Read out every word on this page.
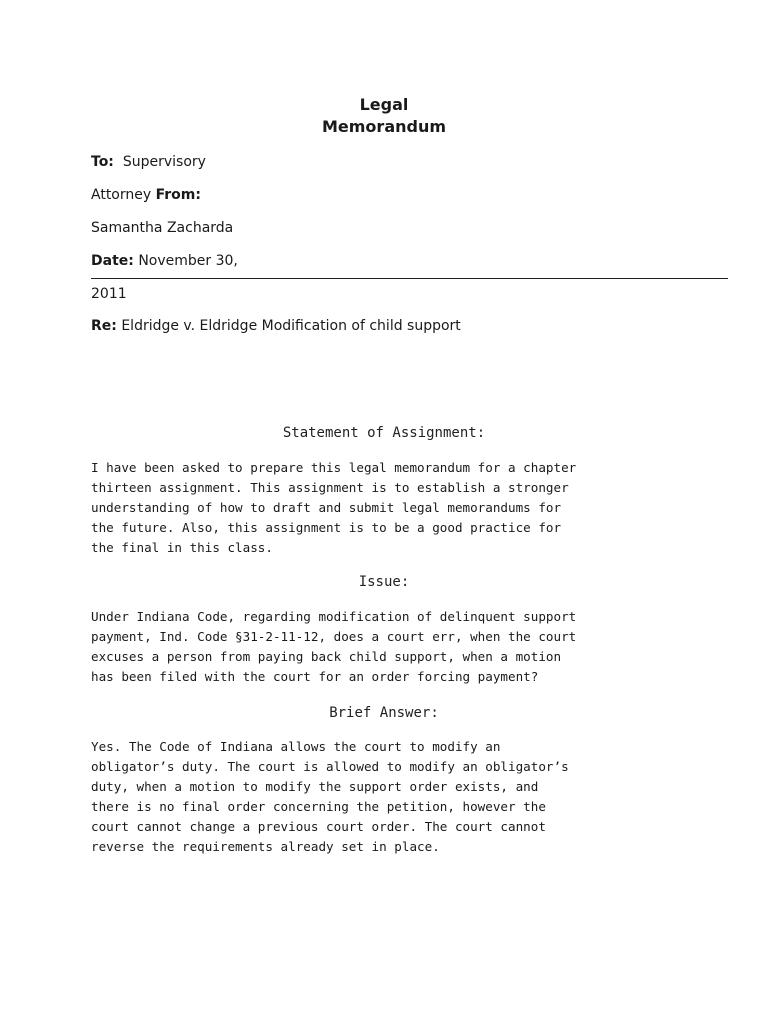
Legal
Memorandum
To: Supervisory
Attorney From:
Samantha Zacharda
Date: November 30,
2011
Re: Eldridge v. Eldridge Modification of child support
Statement of Assignment:
I have been asked to prepare this legal memorandum for a chapter
thirteen assignment. This assignment is to establish a stronger
understanding of how to draft and submit legal memorandums for
the future. Also, this assignment is to be a good practice for
the final in this class.
Issue:
Under Indiana Code, regarding modification of delinquent support
payment, Ind. Code §31-2-11-12, does a court err, when the court
excuses a person from paying back child support, when a motion
has been filed with the court for an order forcing payment?
Brief Answer:
Yes. The Code of Indiana allows the court to modify an
obligator’s duty. The court is allowed to modify an obligator’s
duty, when a motion to modify the support order exists, and
there is no final order concerning the petition, however the
court cannot change a previous court order. The court cannot
reverse the requirements already set in place.
